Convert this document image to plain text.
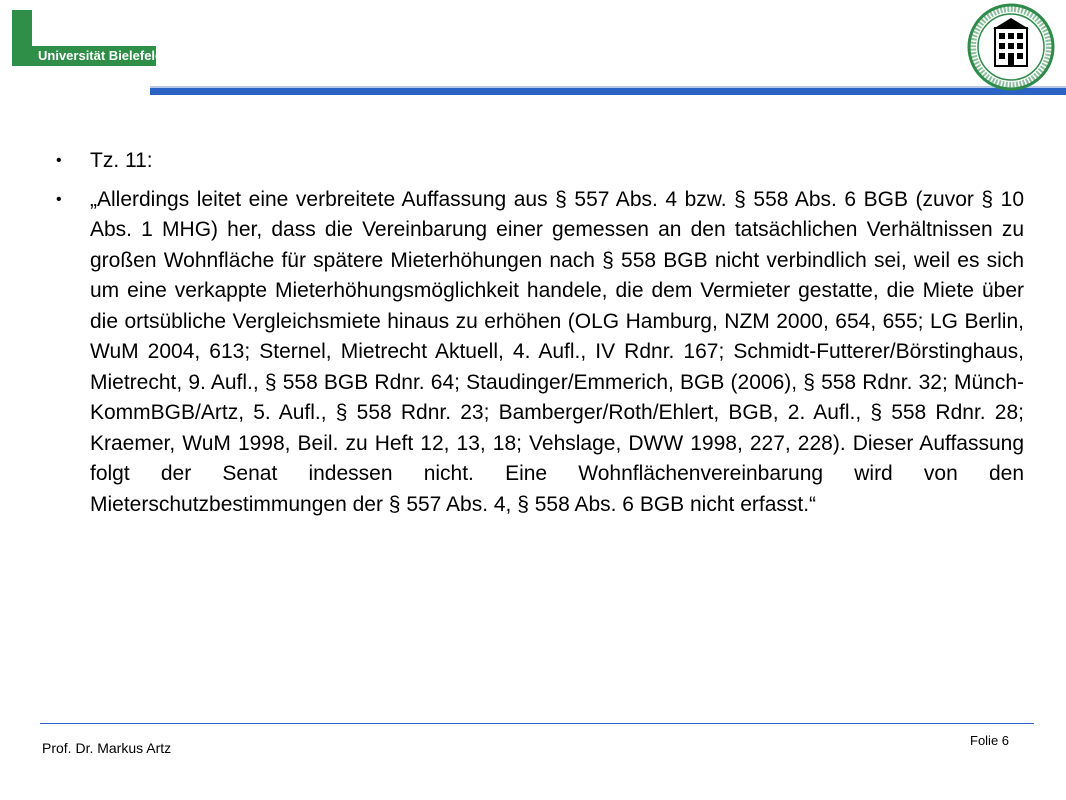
Universität Bielefeld
• Tz. 11:
• „Allerdings leitet eine verbreitete Auffassung aus § 557 Abs. 4 bzw. § 558 Abs. 6 BGB (zuvor § 10 Abs. 1 MHG) her, dass die Vereinbarung einer gemessen an den tatsächlichen Verhältnissen zu großen Wohnfläche für spätere Mieterhöhungen nach § 558 BGB nicht verbindlich sei, weil es sich um eine verkappte Mieterhöhungsmöglichkeit handele, die dem Vermieter gestatte, die Miete über die ortsübliche Vergleichsmiete hinaus zu erhöhen (OLG Hamburg, NZM 2000, 654, 655; LG Berlin, WuM 2004, 613; Sternel, Mietrecht Aktuell, 4. Aufl., IV Rdnr. 167; Schmidt-Futterer/Börstinghaus, Mietrecht, 9. Aufl., § 558 BGB Rdnr. 64; Staudinger/Emmerich, BGB (2006), § 558 Rdnr. 32; Münch-KommBGB/Artz, 5. Aufl., § 558 Rdnr. 23; Bamberger/Roth/Ehlert, BGB, 2. Aufl., § 558 Rdnr. 28; Kraemer, WuM 1998, Beil. zu Heft 12, 13, 18; Vehslage, DWW 1998, 227, 228). Dieser Auffassung folgt der Senat indessen nicht. Eine Wohnflächenvereinbarung wird von den Mieterschutzbestimmungen der § 557 Abs. 4, § 558 Abs. 6 BGB nicht erfasst.“
Prof. Dr. Markus Artz	Folie 6
